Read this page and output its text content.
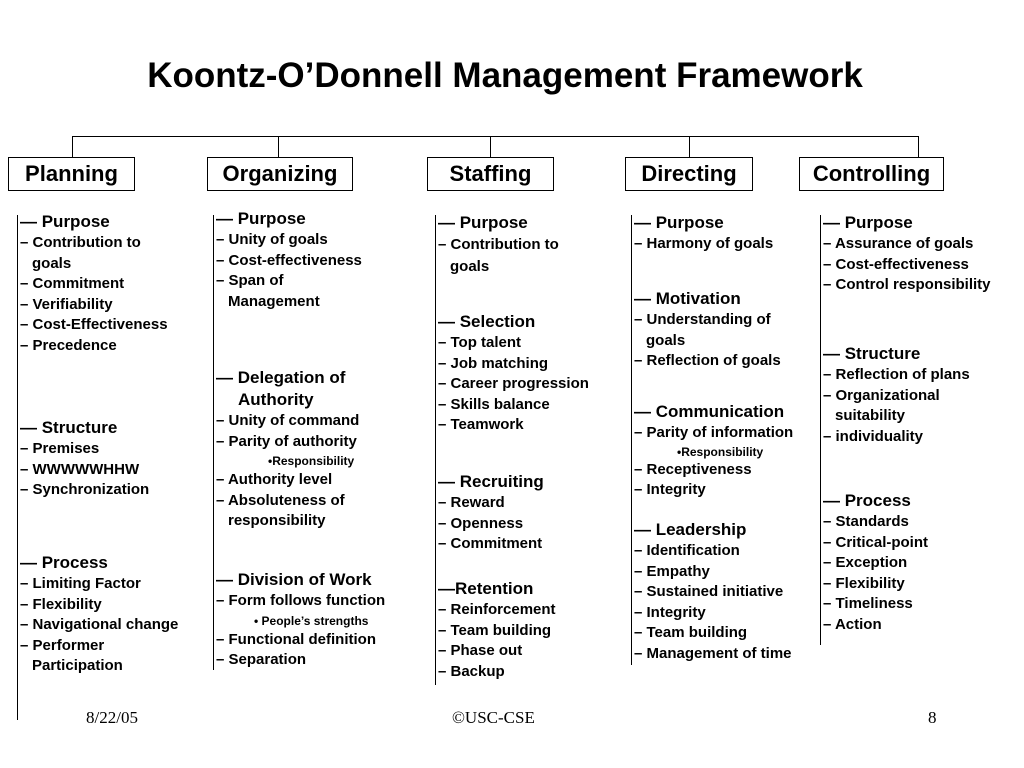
Koontz-O’Donnell Management Framework
Planning	Organizing	Staffing	Directing	Controlling
— Purpose
– Contribution to goals
– Commitment
– Verifiability
– Cost-Effectiveness
– Precedence
— Structure
– Premises
– WWWWWHHW
– Synchronization
— Process
– Limiting Factor
– Flexibility
– Navigational change
– Performer Participation
— Purpose
– Unity of goals
– Cost-effectiveness
– Span of Management
— Delegation of Authority
– Unity of command
– Parity of authority
•Responsibility
– Authority level
– Absoluteness of responsibility
— Division of Work
– Form follows function
• People’s strengths
– Functional definition
– Separation
— Purpose
– Contribution to goals
— Selection
– Top talent
– Job matching
– Career progression
– Skills balance
– Teamwork
— Recruiting
– Reward
– Openness
– Commitment
—Retention
– Reinforcement
– Team building
– Phase out
– Backup
— Purpose
– Harmony of goals
— Motivation
– Understanding of goals
– Reflection of goals
— Communication
– Parity of information
•Responsibility
– Receptiveness
– Integrity
— Leadership
– Identification
– Empathy
– Sustained initiative
– Integrity
– Team building
– Management of time
— Purpose
– Assurance of goals
– Cost-effectiveness
– Control responsibility
— Structure
– Reflection of plans
– Organizational suitability
– individuality
— Process
– Standards
– Critical-point
– Exception
– Flexibility
– Timeliness
– Action
8/22/05	©USC-CSE	8
